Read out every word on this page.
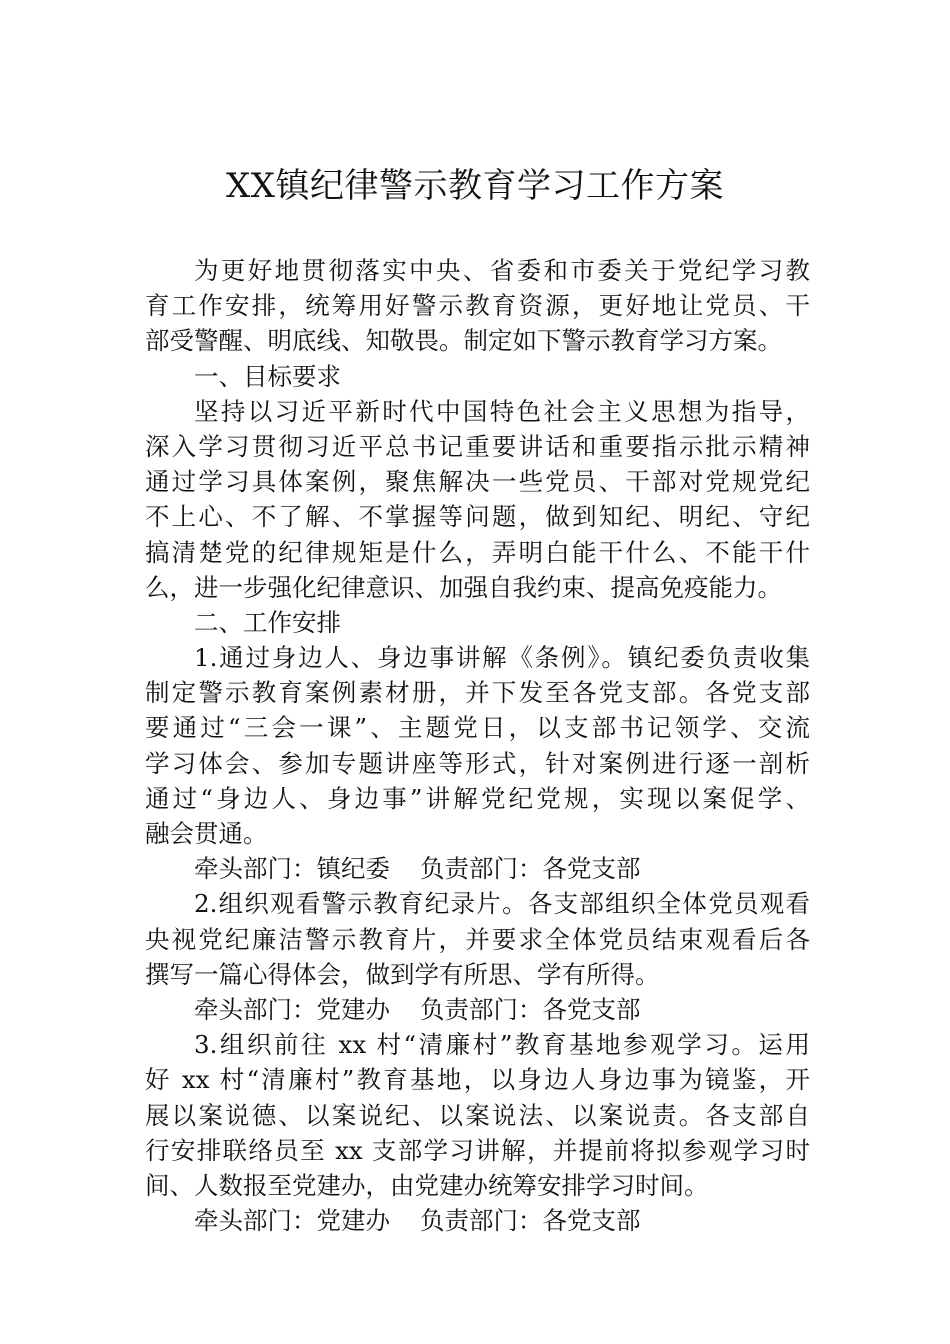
XX镇纪律警示教育学习工作方案
为更好地贯彻落实中央、省委和市委关于党纪学习教
育工作安排，统筹用好警示教育资源，更好地让党员、干
部受警醒、明底线、知敬畏。制定如下警示教育学习方案。
一、目标要求
坚持以习近平新时代中国特色社会主义思想为指导，
深入学习贯彻习近平总书记重要讲话和重要指示批示精神
通过学习具体案例，聚焦解决一些党员、干部对党规党纪
不上心、不了解、不掌握等问题，做到知纪、明纪、守纪
搞清楚党的纪律规矩是什么，弄明白能干什么、不能干什
么，进一步强化纪律意识、加强自我约束、提高免疫能力。
二、工作安排
1.通过身边人、身边事讲解《条例》。镇纪委负责收集
制定警示教育案例素材册，并下发至各党支部。各党支部
要通过“三会一课”、主题党日，以支部书记领学、交流
学习体会、参加专题讲座等形式，针对案例进行逐一剖析
通过“身边人、身边事”讲解党纪党规，实现以案促学、
融会贯通。
牵头部门：镇纪委 负责部门：各党支部
2.组织观看警示教育纪录片。各支部组织全体党员观看
央视党纪廉洁警示教育片，并要求全体党员结束观看后各
撰写一篇心得体会，做到学有所思、学有所得。
牵头部门：党建办 负责部门：各党支部
3.组织前往 xx 村“清廉村”教育基地参观学习。运用
好 xx 村“清廉村”教育基地，以身边人身边事为镜鉴，开
展以案说德、以案说纪、以案说法、以案说责。各支部自
行安排联络员至 xx 支部学习讲解，并提前将拟参观学习时
间、人数报至党建办，由党建办统筹安排学习时间。
牵头部门：党建办 负责部门：各党支部
